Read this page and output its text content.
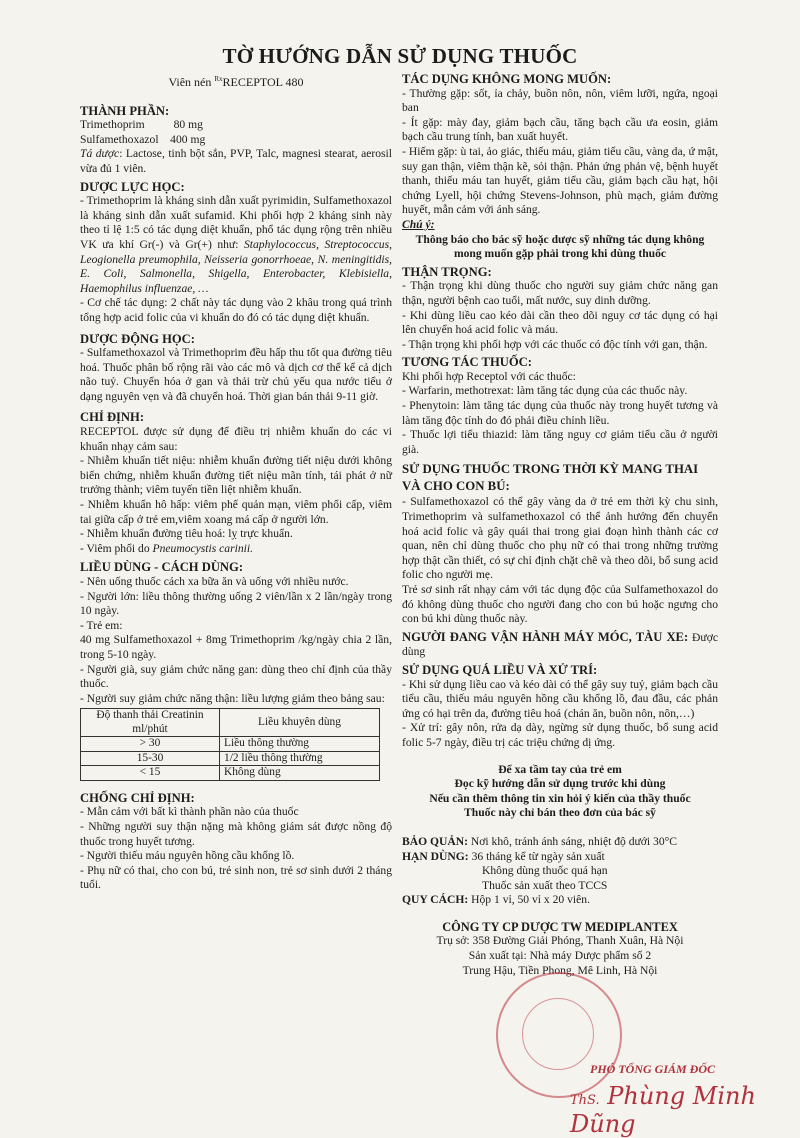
TỜ HƯỚNG DẪN SỬ DỤNG THUỐC
Viên nén $^{Rx}$RECEPTOL 480
THÀNH PHẦN:

Trimethoprim          80 mg

Sulfamethoxazol    400 mg

Tá dược: Lactose, tinh bột sắn, PVP, Talc, magnesi stearat, aerosil vừa đủ 1 viên.

DƯỢC LỰC HỌC:

- Trimethoprim là kháng sinh dẫn xuất pyrimidin, Sulfamethoxazol là kháng sinh dẫn xuất sufamid. Khi phối hợp 2 kháng sinh này theo tỉ lệ 1:5 có tác dụng diệt khuẩn, phổ tác dụng rộng trên nhiều VK ưa khí Gr(-) và Gr(+) như: Staphylococcus, Streptococcus, Leogionella preumophila, Neisseria gonorrhoeae, N. meningitidis, E. Coli, Salmonella, Shigella, Enterobacter, Klebisiella, Haemophilus influenzae, …

- Cơ chế tác dụng: 2 chất này tác dụng vào 2 khâu trong quá trình tổng hợp acid folic của vi khuẩn do đó có tác dụng diệt khuẩn.

DƯỢC ĐỘNG HỌC:

- Sulfamethoxazol và Trimethoprim đều hấp thu tốt qua đường tiêu hoá. Thuốc phân bố rộng rãi vào các mô và dịch cơ thể kể cả dịch não tuỷ. Chuyển hóa ở gan và thải trừ chủ yếu qua nước tiểu ở dạng nguyên vẹn và đã chuyển hoá. Thời gian bán thải 9-11 giờ.

CHỈ ĐỊNH:

RECEPTOL được sử dụng để điều trị nhiễm khuẩn do các vi khuẩn nhạy cảm sau:

- Nhiễm khuẩn tiết niệu: nhiễm khuẩn đường tiết niệu dưới không biến chứng, nhiễm khuẩn đường tiết niệu mãn tính, tái phát ở nữ trưởng thành; viêm tuyến tiền liệt nhiễm khuẩn.

- Nhiễm khuẩn hô hấp: viêm phế quản mạn, viêm phổi cấp, viêm tai giữa cấp ở trẻ em,viêm xoang má cấp ở người lớn.

- Nhiễm khuẩn đường tiêu hoá: lỵ trực khuẩn.

- Viêm phổi do Pneumocystis carinii.

LIỀU DÙNG - CÁCH DÙNG:

- Nên uống thuốc cách xa bữa ăn và uống với nhiều nước.

- Người lớn: liều thông thường uống 2 viên/lần x 2 lần/ngày trong 10 ngày.

- Trẻ em:

40 mg Sulfamethoxazol + 8mg Trimethoprim /kg/ngày chia 2 lần, trong 5-10 ngày.

- Người già, suy giảm chức năng gan: dùng theo chỉ định của thầy thuốc.

- Người suy giảm chức năng thận: liều lượng giảm theo bảng sau:

Độ thanh thải Creatinin ml/phút	Liều khuyên dùng
> 30	Liều thông thường
15-30	1/2 liều thông thường
< 15	Không dùng
CHỐNG CHỈ ĐỊNH:

- Mẫn cảm với bất kì thành phần nào của thuốc

- Những người suy thận nặng mà không giám sát được nồng độ thuốc trong huyết tương.

- Người thiếu máu nguyên hồng cầu khổng lồ.

- Phụ nữ có thai, cho con bú, trẻ sinh non, trẻ sơ sinh dưới 2 tháng tuổi.

TÁC DỤNG KHÔNG MONG MUỐN:

- Thường gặp: sốt, ỉa chảy, buồn nôn, nôn, viêm lưỡi, ngứa, ngoại ban

- Ít gặp: mày đay, giảm bạch cầu, tăng bạch cầu ưa eosin, giảm bạch cầu trung tính, ban xuất huyết.

- Hiếm gặp: ù tai, ảo giác, thiếu máu, giảm tiểu cầu, vàng da, ứ mật, suy gan thận, viêm thận kẽ, sỏi thận. Phản ứng phản vệ, bệnh huyết thanh, thiếu máu tan huyết, giảm tiểu cầu, giảm bạch cầu hạt, hội chứng Lyell, hội chứng Stevens-Johnson, phù mạch, giảm đường huyết, mẫn cảm với ánh sáng.

Chú ý:

Thông báo cho bác sỹ hoặc dược sỹ những tác dụng không mong muốn gặp phải trong khi dùng thuốc

THẬN TRỌNG:

- Thận trọng khi dùng thuốc cho người suy giảm chức năng gan thận, người bệnh cao tuổi, mất nước, suy dinh dưỡng.

- Khi dùng liều cao kéo dài cần theo dõi nguy cơ tác dụng có hại lên chuyển hoá acid folic và máu.

- Thận trọng khi phối hợp với các thuốc có độc tính với gan, thận.

TƯƠNG TÁC THUỐC:

Khi phối hợp Receptol với các thuốc:

- Warfarin, methotrexat: làm tăng tác dụng của các thuốc này.

- Phenytoin: làm tăng tác dụng của thuốc này trong huyết tương và làm tăng độc tính do đó phải điều chỉnh liều.

- Thuốc lợi tiểu thiazid: làm tăng nguy cơ giảm tiểu cầu ở người già.

SỬ DỤNG THUỐC TRONG THỜI KỲ MANG THAI VÀ CHO CON BÚ:

- Sulfamethoxazol có thể gây vàng da ở trẻ em thời kỳ chu sinh, Trimethoprim và sulfamethoxazol có thể ảnh hưởng đến chuyển hoá acid folic và gây quái thai trong giai đoạn hình thành các cơ quan, nên chỉ dùng thuốc cho phụ nữ có thai trong những trường hợp thật cần thiết, có sự chỉ định chặt chẽ và theo dõi, bổ sung acid folic cho người mẹ.

Trẻ sơ sinh rất nhạy cảm với tác dụng độc của Sulfamethoxazol do đó không dùng thuốc cho người đang cho con bú hoặc ngưng cho con bú khi dùng thuốc này.

NGƯỜI ĐANG VẬN HÀNH MÁY MÓC, TÀU XE: Được dùng

SỬ DỤNG QUÁ LIỀU VÀ XỬ TRÍ:

- Khi sử dụng liều cao và kéo dài có thể gây suy tuỷ, giảm bạch cầu tiểu cầu, thiếu máu nguyên hồng cầu khổng lồ, đau đầu, các phản ứng có hại trên da, đường tiêu hoá (chán ăn, buồn nôn, nôn,…)

- Xử trí: gây nôn, rửa dạ dày, ngừng sử dụng thuốc, bổ sung acid folic 5-7 ngày, điều trị các triệu chứng dị ứng.

Để xa tầm tay của trẻ em

Đọc kỹ hướng dẫn sử dụng trước khi dùng

Nếu cần thêm thông tin xin hỏi ý kiến của thầy thuốc

Thuốc này chỉ bán theo đơn của bác sỹ

BẢO QUẢN: Nơi khô, tránh ánh sáng, nhiệt độ dưới 30°C

HẠN DÙNG: 36 tháng kể từ ngày sản xuất

Không dùng thuốc quá hạn

Thuốc sản xuất theo TCCS

QUY CÁCH: Hộp 1 vỉ, 50 vỉ x 20 viên.

CÔNG TY CP DƯỢC TW MEDIPLANTEX

Trụ sở: 358 Đường Giải Phóng, Thanh Xuân, Hà Nội

Sản xuất tại: Nhà máy Dược phẩm số 2

Trung Hậu, Tiền Phong, Mê Linh, Hà Nội

PHÓ TỔNG GIÁM ĐỐC
ThS. Phùng Minh Dũng
